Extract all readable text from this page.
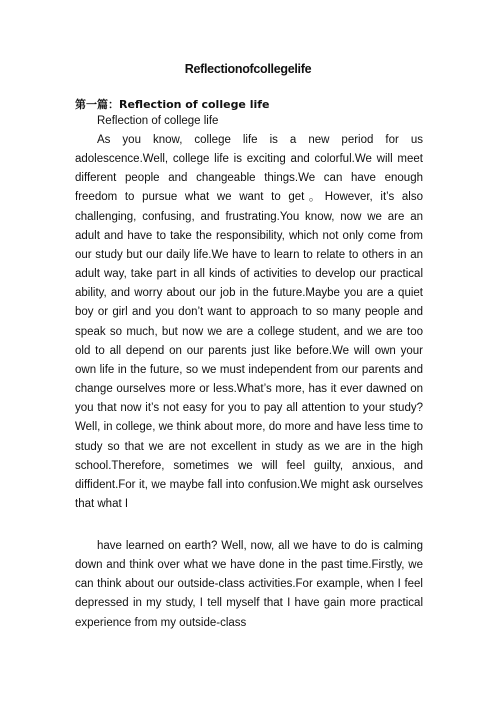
Reflectionofcollegelife
第一篇：Reflection of college life
Reflection of college life

As you know, college life is a new period for us adolescence.Well, college life is exciting and colorful.We will meet different people and changeable things.We can have enough freedom to pursue what we want to get。However, it’s also challenging, confusing, and frustrating.You know, now we are an adult and have to take the responsibility, which not only come from our study but our daily life.We have to learn to relate to others in an adult way, take part in all kinds of activities to develop our practical ability, and worry about our job in the future.Maybe you are a quiet boy or girl and you don’t want to approach to so many people and speak so much, but now we are a college student, and we are too old to all depend on our parents just like before.We will own your own life in the future, so we must independent from our parents and change ourselves more or less.What’s more, has it ever dawned on you that now it’s not easy for you to pay all attention to your study? Well, in college, we think about more, do more and have less time to study so that we are not excellent in study as we are in the high school.Therefore, sometimes we will feel guilty, anxious, and diffident.For it, we maybe fall into confusion.We might ask ourselves that what I

have learned on earth? Well, now, all we have to do is calming down and think over what we have done in the past time.Firstly, we can think about our outside-class activities.For example, when I feel depressed in my study, I tell myself that I have gain more practical experience from my outside-class
